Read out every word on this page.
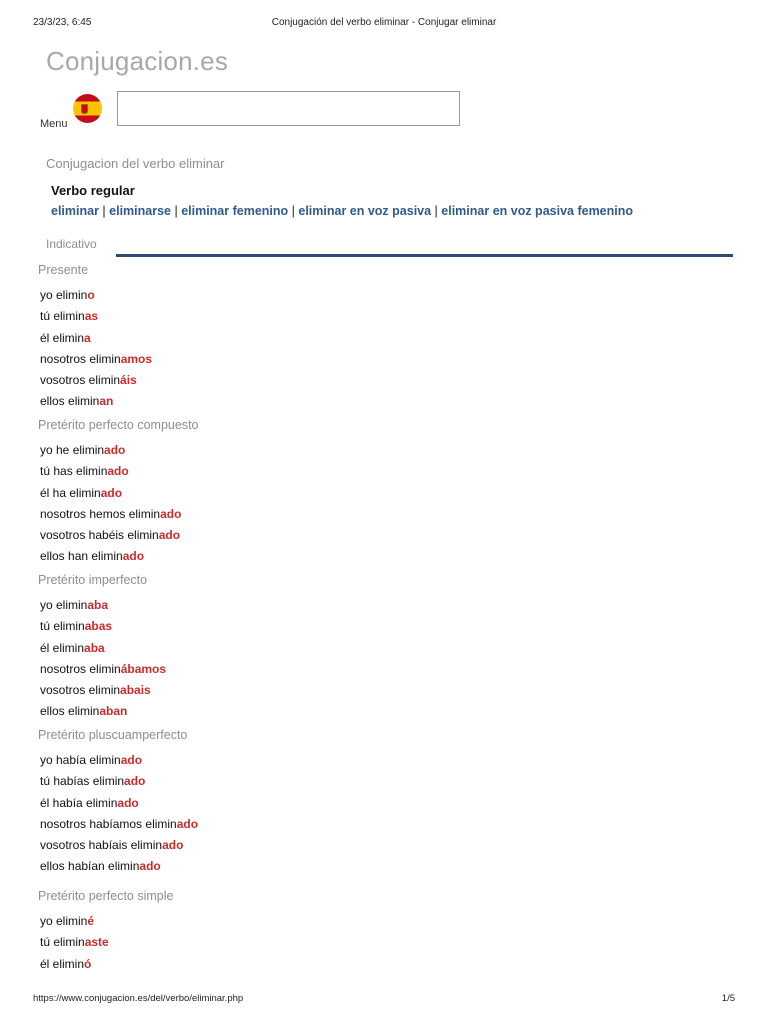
23/3/23, 6:45	Conjugación del verbo eliminar - Conjugar eliminar
Conjugacion.es
Menu
Conjugacion del verbo eliminar
Verbo regular
eliminar | eliminarse | eliminar femenino | eliminar en voz pasiva | eliminar en voz pasiva femenino
Indicativo
Presente
yo elimino
tú eliminas
él elimina
nosotros eliminamos
vosotros elimináis
ellos eliminan
Pretérito perfecto compuesto
yo he eliminado
tú has eliminado
él ha eliminado
nosotros hemos eliminado
vosotros habéis eliminado
ellos han eliminado
Pretérito imperfecto
yo eliminaba
tú eliminabas
él eliminaba
nosotros eliminábamos
vosotros eliminabais
ellos eliminaban
Pretérito pluscuamperfecto
yo había eliminado
tú habías eliminado
él había eliminado
nosotros habíamos eliminado
vosotros habíais eliminado
ellos habían eliminado
Pretérito perfecto simple
yo eliminé
tú eliminaste
él eliminó
https://www.conjugacion.es/del/verbo/eliminar.php	1/5
